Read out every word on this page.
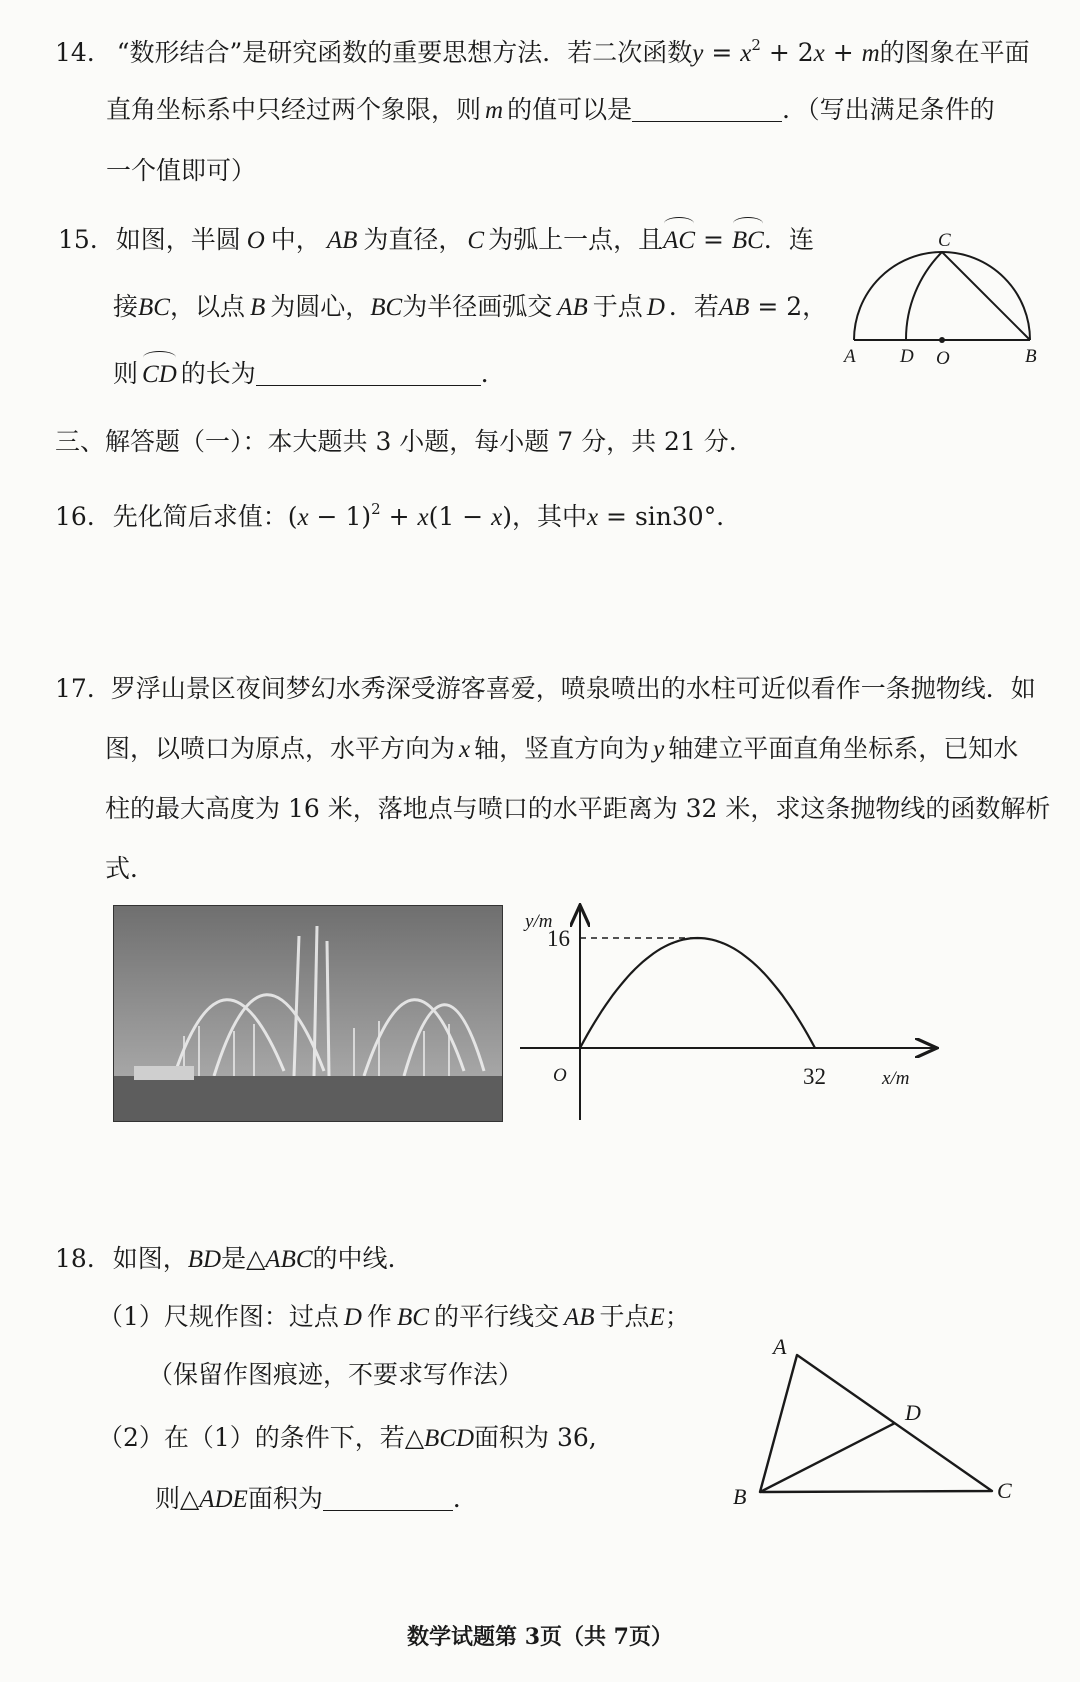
14. “数形结合”是研究函数的重要思想方法．若二次函数$y = x^2 + 2x + m$的图象在平面
直角坐标系中只经过两个象限，则 m 的值可以是	．（写出满足条件的
一个值即可）
15. 如图，半圆 O 中， AB 为直径， C 为弧上一点，且AC = BC．连
接BC，以点 B 为圆心，BC为半径画弧交 AB 于点 D ．若AB = 2，
则 CD 的长为	．
C
A D O	B
三、解答题（一）：本大题共 3 小题，每小题 7 分，共 21 分.
16. 先化简后求值：$(x - 1)^2 + x(1 - x)$，其中x = sin30°．
17. 罗浮山景区夜间梦幻水秀深受游客喜爱，喷泉喷出的水柱可近似看作一条抛物线．如
图，以喷口为原点，水平方向为 x 轴，竖直方向为 y 轴建立平面直角坐标系，已知水
柱的最大高度为 16 米，落地点与喷口的水平距离为 32 米，求这条抛物线的函数解析
式．
y/m
x/m
O	32
16
18. 如图，BD是△ABC的中线.
（1）尺规作图：过点 D 作 BC 的平行线交 AB 于点E；
（保留作图痕迹，不要求写作法）
（2）在（1）的条件下，若△BCD面积为 36,
则△ADE面积为	．
A
D
B	C
数学试题第 3页（共 7页）
